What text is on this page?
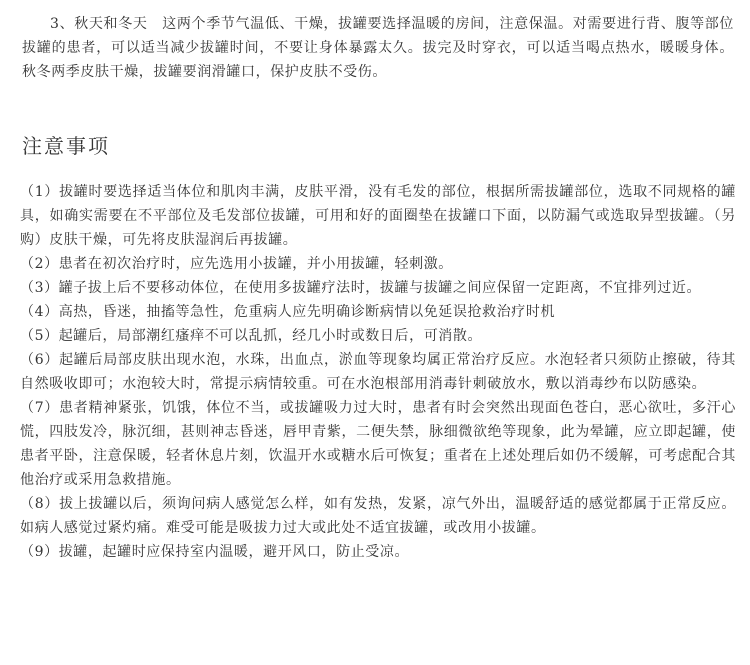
3、秋天和冬天　这两个季节气温低、干燥，拔罐要选择温暖的房间，注意保温。对需要进行背、腹等部位拔罐的患者，可以适当减少拔罐时间，不要让身体暴露太久。拔完及时穿衣，可以适当喝点热水，暖暖身体。秋冬两季皮肤干燥，拔罐要润滑罐口，保护皮肤不受伤。

注意事项
（1）拔罐时要选择适当体位和肌肉丰满，皮肤平滑，没有毛发的部位，根据所需拔罐部位，选取不同规格的罐具，如确实需要在不平部位及毛发部位拔罐，可用和好的面圈垫在拔罐口下面，以防漏气或选取异型拔罐。（另购）皮肤干燥，可先将皮肤湿润后再拔罐。
（2）患者在初次治疗时，应先选用小拔罐，并小用拔罐，轻刺激。
（3）罐子拔上后不要移动体位，在使用多拔罐疗法时，拔罐与拔罐之间应保留一定距离，不宜排列过近。
（4）高热，昏迷，抽搐等急性，危重病人应先明确诊断病情以免延误抢救治疗时机
（5）起罐后，局部潮红瘙痒不可以乱抓，经几小时或数日后，可消散。
（6）起罐后局部皮肤出现水泡，水珠，出血点，淤血等现象均属正常治疗反应。水泡轻者只须防止擦破，待其自然吸收即可；水泡较大时，常提示病情较重。可在水泡根部用消毒针刺破放水，敷以消毒纱布以防感染。
（7）患者精神紧张，饥饿，体位不当，或拔罐吸力过大时，患者有时会突然出现面色苍白，恶心欲吐，多汗心慌，四肢发冷，脉沉细，甚则神志昏迷，唇甲青紫，二便失禁，脉细微欲绝等现象，此为晕罐，应立即起罐，使患者平卧，注意保暖，轻者休息片刻，饮温开水或糖水后可恢复；重者在上述处理后如仍不缓解，可考虑配合其他治疗或采用急救措施。
（8）拔上拔罐以后，须询问病人感觉怎么样，如有发热，发紧，凉气外出，温暖舒适的感觉都属于正常反应。如病人感觉过紧灼痛。难受可能是吸拔力过大或此处不适宜拔罐，或改用小拔罐。
（9）拔罐，起罐时应保持室内温暖，避开风口，防止受凉。
